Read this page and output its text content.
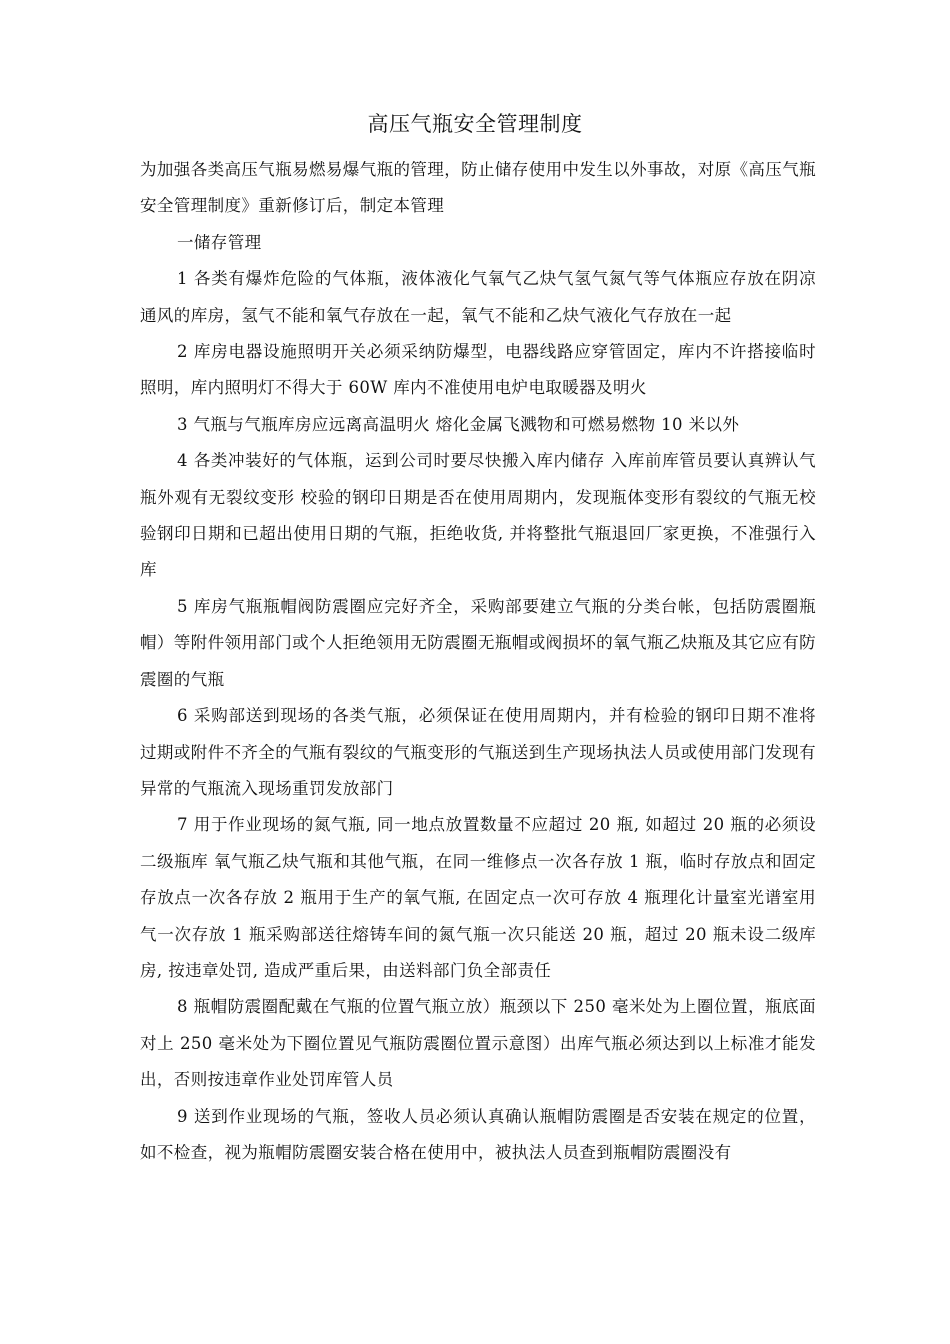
高压气瓶安全管理制度

为加强各类高压气瓶易燃易爆气瓶的管理，防止储存使用中发生以外事故，对原《高压气瓶安全管理制度》重新修订后，制定本管理

一储存管理

1 各类有爆炸危险的气体瓶，液体液化气氧气乙炔气氢气氮气等气体瓶应存放在阴凉通风的库房，氢气不能和氧气存放在一起，氧气不能和乙炔气液化气存放在一起

2 库房电器设施照明开关必须采纳防爆型，电器线路应穿管固定，库内不许搭接临时照明，库内照明灯不得大于 60W 库内不准使用电炉电取暖器及明火

3 气瓶与气瓶库房应远离高温明火 熔化金属飞溅物和可燃易燃物 10 米以外

4 各类冲装好的气体瓶，运到公司时要尽快搬入库内储存 入库前库管员要认真辨认气瓶外观有无裂纹变形 校验的钢印日期是否在使用周期内，发现瓶体变形有裂纹的气瓶无校验钢印日期和已超出使用日期的气瓶，拒绝收货, 并将整批气瓶退回厂家更换，不准强行入库

5 库房气瓶瓶帽阀防震圈应完好齐全，采购部要建立气瓶的分类台帐，包括防震圈瓶帽）等附件领用部门或个人拒绝领用无防震圈无瓶帽或阀损坏的氧气瓶乙炔瓶及其它应有防震圈的气瓶

6 采购部送到现场的各类气瓶，必须保证在使用周期内，并有检验的钢印日期不准将过期或附件不齐全的气瓶有裂纹的气瓶变形的气瓶送到生产现场执法人员或使用部门发现有异常的气瓶流入现场重罚发放部门

7 用于作业现场的氮气瓶, 同一地点放置数量不应超过 20 瓶, 如超过 20 瓶的必须设二级瓶库 氧气瓶乙炔气瓶和其他气瓶，在同一维修点一次各存放 1 瓶，临时存放点和固定存放点一次各存放 2 瓶用于生产的氧气瓶, 在固定点一次可存放 4 瓶理化计量室光谱室用气一次存放 1 瓶采购部送往熔铸车间的氮气瓶一次只能送 20 瓶，超过 20 瓶未设二级库房, 按违章处罚, 造成严重后果，由送料部门负全部责任

8 瓶帽防震圈配戴在气瓶的位置气瓶立放）瓶颈以下 250 毫米处为上圈位置，瓶底面对上 250 毫米处为下圈位置见气瓶防震圈位置示意图）出库气瓶必须达到以上标准才能发出，否则按违章作业处罚库管人员

9 送到作业现场的气瓶，签收人员必须认真确认瓶帽防震圈是否安装在规定的位置，如不检查，视为瓶帽防震圈安装合格在使用中，被执法人员查到瓶帽防震圈没有
